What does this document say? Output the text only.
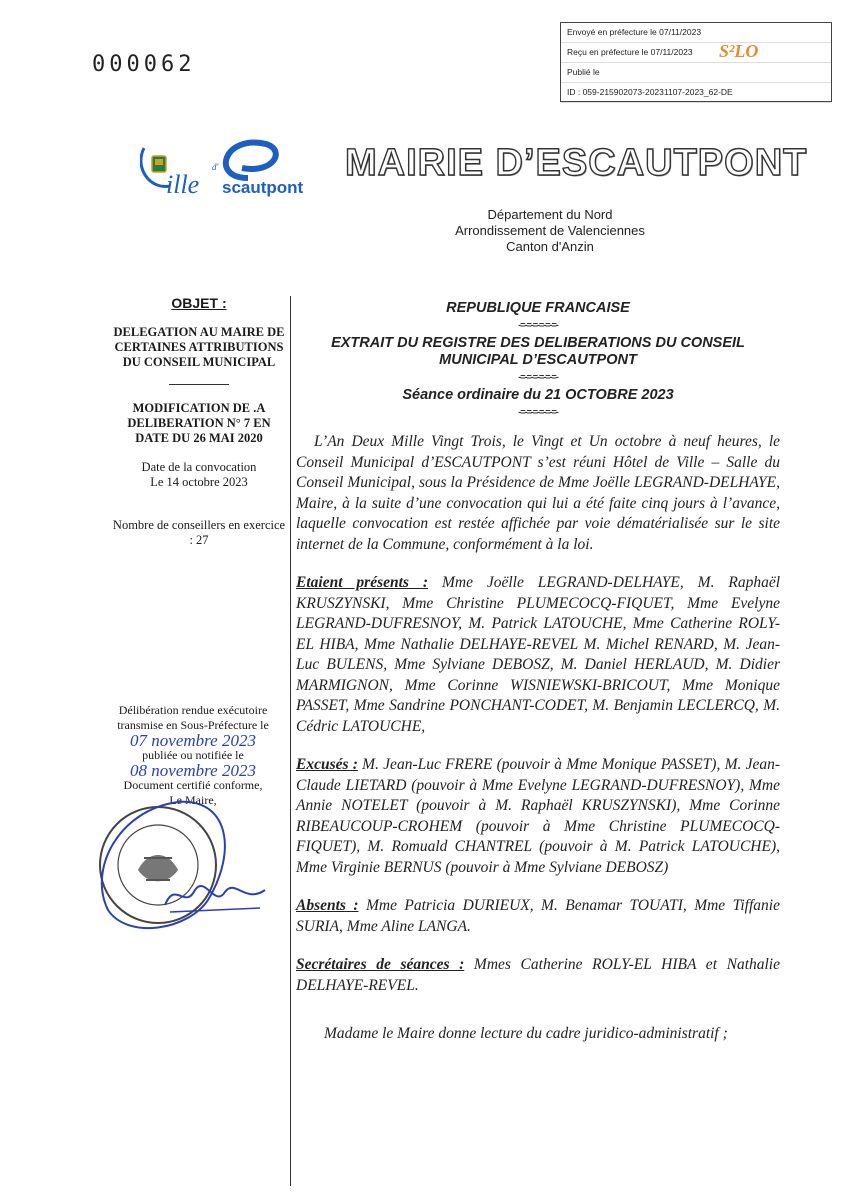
000062
Envoyé en préfecture le 07/11/2023
Reçu en préfecture le 07/11/2023
Publié le
ID : 059-215902073-20231107-2023_62-DE
S²LO
ille
d'
scautpont
MAIRIE D’ESCAUTPONT
Département du Nord
Arrondissement de Valenciennes
Canton d'Anzin
OBJET :
DELEGATION AU MAIRE DE CERTAINES ATTRIBUTIONS DU CONSEIL MUNICIPAL
MODIFICATION DE .A DELIBERATION N° 7 EN DATE DU 26 MAI 2020
Date de la convocation
Le 14 octobre 2023
Nombre de conseillers en exercice : 27
Délibération rendue exécutoire
transmise en Sous-Préfecture le
07 novembre 2023
publiée ou notifiée le
08 novembre 2023
Document certifié conforme,
Le Maire,
REPUBLIQUE FRANCAISE
-=-=-=-=-=-=-
EXTRAIT DU REGISTRE DES DELIBERATIONS DU CONSEIL MUNICIPAL D’ESCAUTPONT
-=-=-=-=-=-=-
Séance ordinaire du 21 OCTOBRE 2023
-=-=-=-=-=-=-
L’An Deux Mille Vingt Trois, le Vingt et Un octobre à neuf heures, le Conseil Municipal d’ESCAUTPONT s’est réuni Hôtel de Ville – Salle du Conseil Municipal, sous la Présidence de Mme Joëlle LEGRAND-DELHAYE, Maire, à la suite d’une convocation qui lui a été faite cinq jours à l’avance, laquelle convocation est restée affichée par voie dématérialisée sur le site internet de la Commune, conformément à la loi.
Etaient présents : Mme Joëlle LEGRAND-DELHAYE, M. Raphaël KRUSZYNSKI, Mme Christine PLUMECOCQ-FIQUET, Mme Evelyne LEGRAND-DUFRESNOY, M. Patrick LATOUCHE, Mme Catherine ROLY-EL HIBA, Mme Nathalie DELHAYE-REVEL M. Michel RENARD, M. Jean-Luc BULENS, Mme Sylviane DEBOSZ, M. Daniel HERLAUD, M. Didier MARMIGNON, Mme Corinne WISNIEWSKI-BRICOUT, Mme Monique PASSET, Mme Sandrine PONCHANT-CODET, M. Benjamin LECLERCQ, M. Cédric LATOUCHE,
Excusés : M. Jean-Luc FRERE (pouvoir à Mme Monique PASSET), M. Jean-Claude LIETARD (pouvoir à Mme Evelyne LEGRAND-DUFRESNOY), Mme Annie NOTELET (pouvoir à M. Raphaël KRUSZYNSKI), Mme Corinne RIBEAUCOUP-CROHEM (pouvoir à Mme Christine PLUMECOCQ-FIQUET), M. Romuald CHANTREL (pouvoir à M. Patrick LATOUCHE), Mme Virginie BERNUS (pouvoir à Mme Sylviane DEBOSZ)
Absents : Mme Patricia DURIEUX, M. Benamar TOUATI, Mme Tiffanie SURIA, Mme Aline LANGA.
Secrétaires de séances : Mmes Catherine ROLY-EL HIBA et Nathalie DELHAYE-REVEL.
Madame le Maire donne lecture du cadre juridico-administratif ;
